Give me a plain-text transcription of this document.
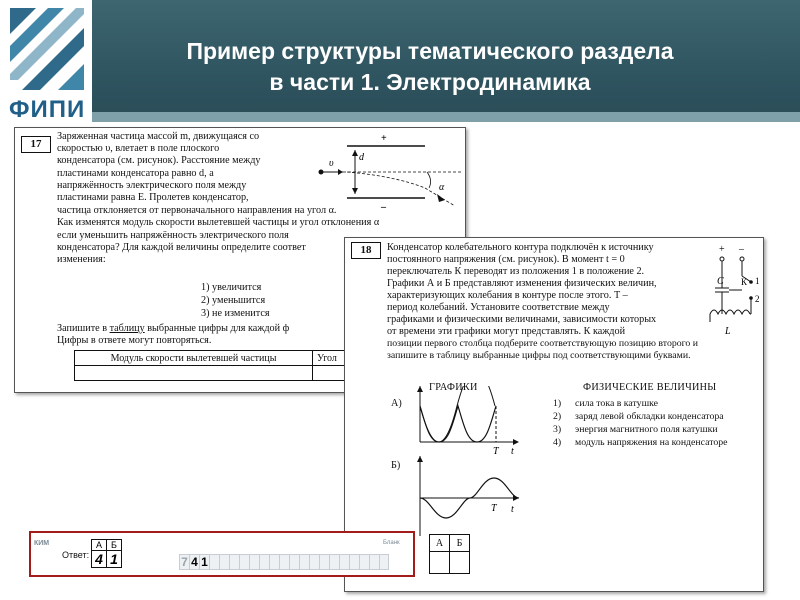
ФИПИ
Пример структуры тематического раздела
в части 1. Электродинамика
17
Заряженная частица массой m, движущаяся со
скоростью υ, влетает в поле плоского
конденсатора (см. рисунок). Расстояние между
пластинами конденсатора равно d, а
напряжённость электрического поля между
пластинами равна E. Пролетев конденсатор,
частица отклоняется от первоначального направления на угол α.
Как изменятся модуль скорости вылетевшей частицы и угол отклонения α
если уменьшить напряжённость электрического поля
конденсатора? Для каждой величины определите соответ
изменения:
+
–
υ
d
α
1) увеличится
2) уменьшится
3) не изменится
Запишите в таблицу выбранные цифры для каждой ф
Цифры в ответе могут повторяться.
Модуль скорости вылетевшей частицы	Угол

18	Конденсатор колебательного контура подключён к источнику
постоянного напряжения (см. рисунок). В момент t = 0
переключатель К переводят из положения 1 в положение 2.
Графики А и Б представляют изменения физических величин,
характеризующих колебания в контуре после этого. T –
период колебаний. Установите соответствие между
графиками и физическими величинами, зависимости которых
от времени эти графики могут представлять. К каждой
позиции первого столбца подберите соответствующую позицию второго и
запишите в таблицу выбранные цифры под соответствующими буквами.
+ –
C К 1
2
L
ГРАФИКИ	ФИЗИЧЕСКИЕ ВЕЛИЧИНЫ
А)
T t
Б)
T t
1) сила тока в катушке
2) заряд левой обкладки конденсатора
3) энергия магнитного поля катушки
4) модуль напряжения на конденсаторе
А	Б

КИМ	Бланк
Ответ:
А	Б
4	1	7 4 1
